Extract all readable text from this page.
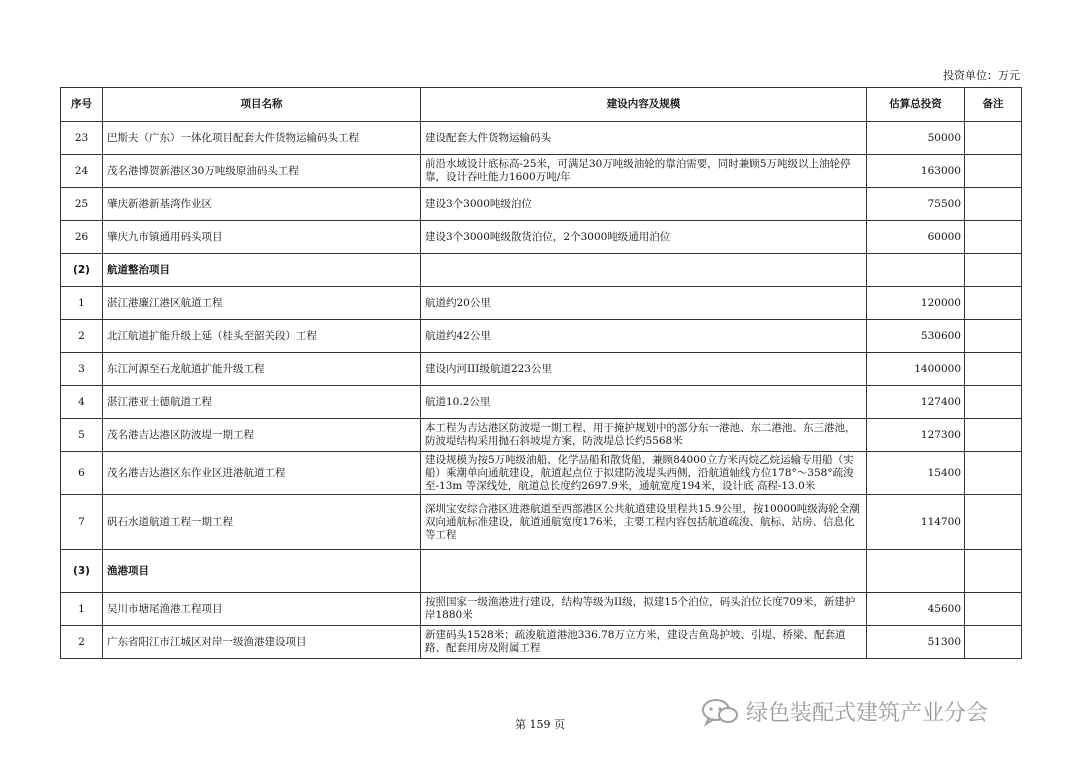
投资单位：万元
序号	项目名称	建设内容及规模	估算总投资	备注
23	巴斯夫（广东）一体化项目配套大件货物运输码头工程	建设配套大件货物运输码头	50000	
24	茂名港博贺新港区30万吨级原油码头工程	前沿水域设计底标高-25米，可满足30万吨级油轮的靠泊需要，同时兼顾5万吨级以上油轮停靠，设计吞吐能力1600万吨/年	163000	
25	肇庆新港新基湾作业区	建设3个3000吨级泊位	75500	
26	肇庆九市镇通用码头项目	建设3个3000吨级散货泊位，2个3000吨级通用泊位	60000	
(2)	航道整治项目			
1	湛江港廉江港区航道工程	航道约20公里	120000	
2	北江航道扩能升级上延（桂头至韶关段）工程	航道约42公里	530600	
3	东江河源至石龙航道扩能升级工程	建设内河III级航道223公里	1400000	
4	湛江港亚士德航道工程	航道10.2公里	127400	
5	茂名港吉达港区防波堤一期工程	本工程为吉达港区防波堤一期工程，用于掩护规划中的部分东一港池、东二港池、东三港池，防波堤结构采用抛石斜坡堤方案，防波堤总长约5568米	127300	
6	茂名港吉达港区东作业区进港航道工程	建设规模为按5万吨级油船、化学品船和散货船，兼顾84000立方米丙烷乙烷运输专用船（实船）乘潮单向通航建设，航道起点位于拟建防波堤头西侧，沿航道轴线方位178°～358°疏浚至-13m 等深线处，航道总长度约2697.9米，通航宽度194米，设计底 高程-13.0米	15400	
7	矾石水道航道工程一期工程	深圳宝安综合港区进港航道至西部港区公共航道建设里程共15.9公里，按10000吨级海轮全潮双向通航标准建设，航道通航宽度176米，主要工程内容包括航道疏浚、航标、站房、信息化等工程	114700	
(3)	渔港项目			
1	吴川市塘尾渔港工程项目	按照国家一级渔港进行建设，结构等级为II级，拟建15个泊位，码头泊位长度709米，新建护岸1880米	45600	
2	广东省阳江市江城区对岸一级渔港建设项目	新建码头1528米；疏浚航道港池336.78万立方米，建设吉鱼岛护坡、引堤、桥梁、配套道路、配套用房及附属工程	51300	
第 159 页	绿色装配式建筑产业分会
